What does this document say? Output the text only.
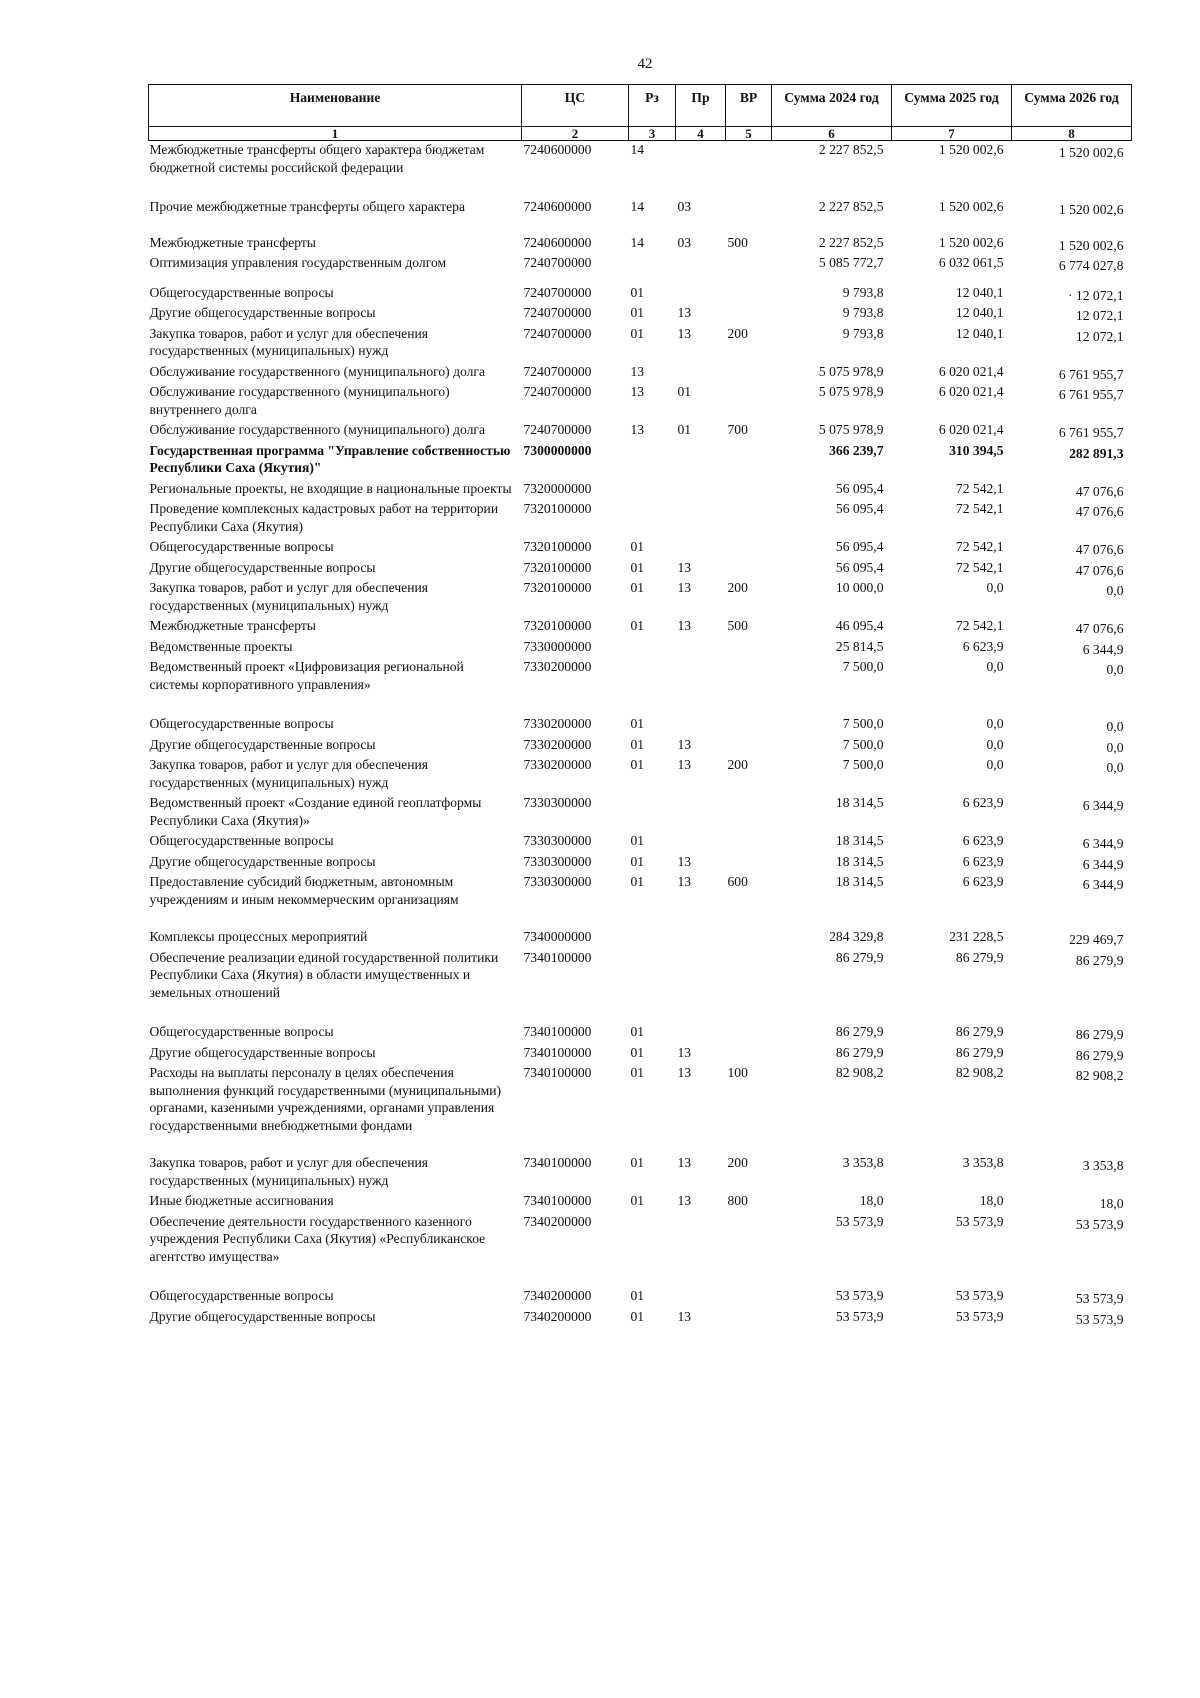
42
Наименование	ЦС	Рз	Пр	ВР	Сумма 2024 год	Сумма 2025 год	Сумма 2026 год
1	2	3	4	5	6	7	8
Межбюджетные трансферты общего характера бюджетам бюджетной системы российской федерации	7240600000	14			2 227 852,5	1 520 002,6	1 520 002,6
Прочие межбюджетные трансферты общего характера	7240600000	14	03		2 227 852,5	1 520 002,6	1 520 002,6
Межбюджетные трансферты	7240600000	14	03	500	2 227 852,5	1 520 002,6	1 520 002,6
Оптимизация управления государственным долгом	7240700000				5 085 772,7	6 032 061,5	6 774 027,8
Общегосударственные вопросы	7240700000	01			9 793,8	12 040,1	· 12 072,1
Другие общегосударственные вопросы	7240700000	01	13		9 793,8	12 040,1	12 072,1
Закупка товаров, работ и услуг для обеспечения государственных (муниципальных) нужд	7240700000	01	13	200	9 793,8	12 040,1	12 072,1
Обслуживание государственного (муниципального) долга	7240700000	13			5 075 978,9	6 020 021,4	6 761 955,7
Обслуживание государственного (муниципального) внутреннего долга	7240700000	13	01		5 075 978,9	6 020 021,4	6 761 955,7
Обслуживание государственного (муниципального) долга	7240700000	13	01	700	5 075 978,9	6 020 021,4	6 761 955,7
Государственная программа "Управление собственностью Республики Саха (Якутия)"	7300000000				366 239,7	310 394,5	282 891,3
Региональные проекты, не входящие в национальные проекты	7320000000				56 095,4	72 542,1	47 076,6
Проведение комплексных кадастровых работ на территории Республики Саха (Якутия)	7320100000				56 095,4	72 542,1	47 076,6
Общегосударственные вопросы	7320100000	01			56 095,4	72 542,1	47 076,6
Другие общегосударственные вопросы	7320100000	01	13		56 095,4	72 542,1	47 076,6
Закупка товаров, работ и услуг для обеспечения государственных (муниципальных) нужд	7320100000	01	13	200	10 000,0	0,0	0,0
Межбюджетные трансферты	7320100000	01	13	500	46 095,4	72 542,1	47 076,6
Ведомственные проекты	7330000000				25 814,5	6 623,9	6 344,9
Ведомственный проект «Цифровизация региональной системы корпоративного управления»	7330200000				7 500,0	0,0	0,0
Общегосударственные вопросы	7330200000	01			7 500,0	0,0	0,0
Другие общегосударственные вопросы	7330200000	01	13		7 500,0	0,0	0,0
Закупка товаров, работ и услуг для обеспечения государственных (муниципальных) нужд	7330200000	01	13	200	7 500,0	0,0	0,0
Ведомственный проект «Создание единой геоплатформы Республики Саха (Якутия)»	7330300000				18 314,5	6 623,9	6 344,9
Общегосударственные вопросы	7330300000	01			18 314,5	6 623,9	6 344,9
Другие общегосударственные вопросы	7330300000	01	13		18 314,5	6 623,9	6 344,9
Предоставление субсидий бюджетным, автономным учреждениям и иным некоммерческим организациям	7330300000	01	13	600	18 314,5	6 623,9	6 344,9
Комплексы процессных мероприятий	7340000000				284 329,8	231 228,5	229 469,7
Обеспечение реализации единой государственной политики Республики Саха (Якутия) в области имущественных и земельных отношений	7340100000				86 279,9	86 279,9	86 279,9
Общегосударственные вопросы	7340100000	01			86 279,9	86 279,9	86 279,9
Другие общегосударственные вопросы	7340100000	01	13		86 279,9	86 279,9	86 279,9
Расходы на выплаты персоналу в целях обеспечения выполнения функций государственными (муниципальными) органами, казенными учреждениями, органами управления государственными внебюджетными фондами	7340100000	01	13	100	82 908,2	82 908,2	82 908,2
Закупка товаров, работ и услуг для обеспечения государственных (муниципальных) нужд	7340100000	01	13	200	3 353,8	3 353,8	3 353,8
Иные бюджетные ассигнования	7340100000	01	13	800	18,0	18,0	18,0
Обеспечение деятельности государственного казенного учреждения Республики Саха (Якутия) «Республиканское агентство имущества»	7340200000				53 573,9	53 573,9	53 573,9
Общегосударственные вопросы	7340200000	01			53 573,9	53 573,9	53 573,9
Другие общегосударственные вопросы	7340200000	01	13		53 573,9	53 573,9	53 573,9
